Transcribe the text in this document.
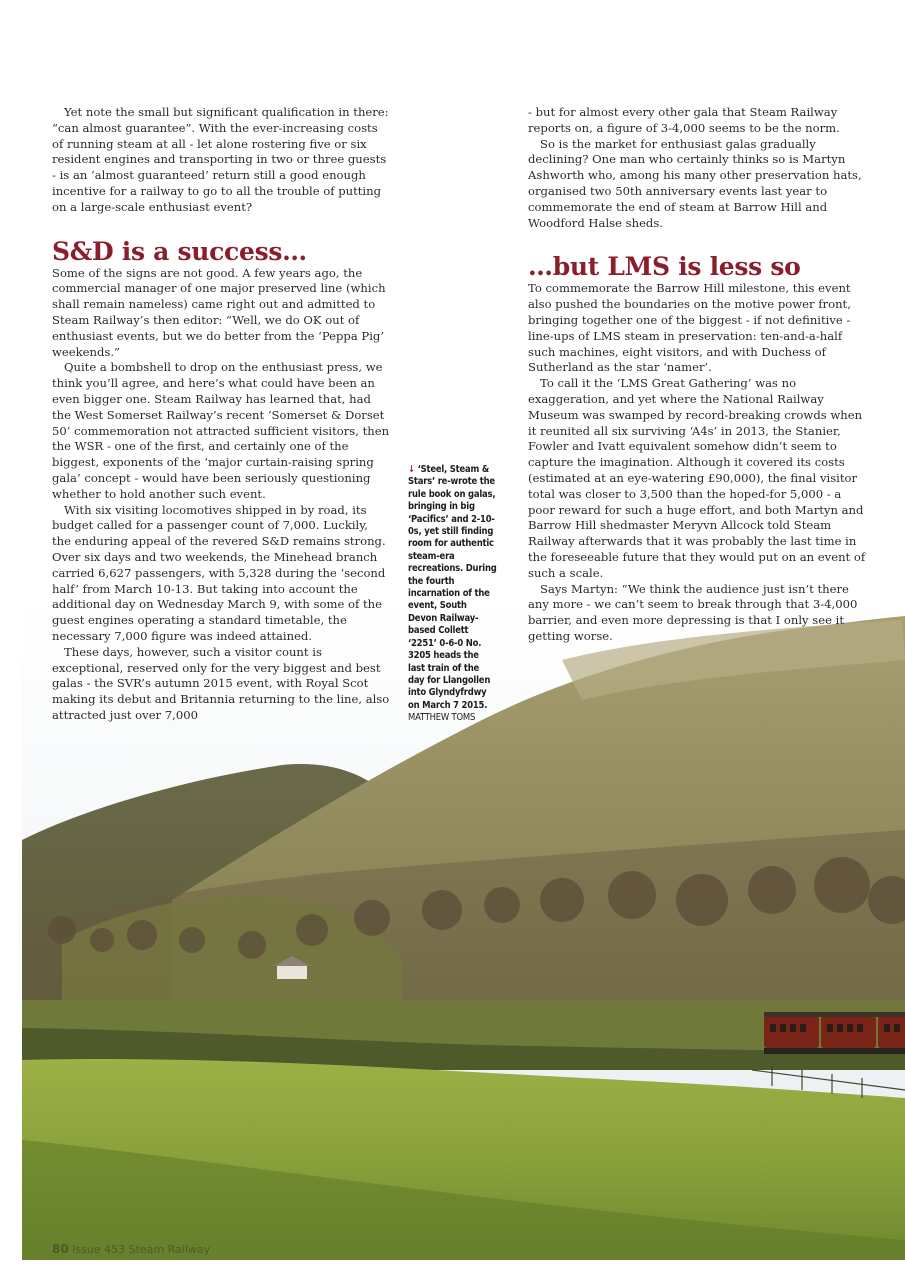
Yet note the small but significant qualification in there: “can almost guarantee”. With the ever-increasing costs of running steam at all - let alone rostering five or six resident engines and transporting in two or three guests - is an ‘almost guaranteed’ return still a good enough incentive for a railway to go to all the trouble of putting on a large-scale enthusiast event?

S&D is a success…

Some of the signs are not good. A few years ago, the commercial manager of one major preserved line (which shall remain nameless) came right out and admitted to Steam Railway’s then editor: “Well, we do OK out of enthusiast events, but we do better from the ‘Peppa Pig’ weekends.”

Quite a bombshell to drop on the enthusiast press, we think you’ll agree, and here’s what could have been an even bigger one. Steam Railway has learned that, had the West Somerset Railway’s recent ‘Somerset & Dorset 50’ commemoration not attracted sufficient visitors, then the WSR - one of the first, and certainly one of the biggest, exponents of the ‘major curtain-raising spring gala’ concept - would have been seriously questioning whether to hold another such event.

With six visiting locomotives shipped in by road, its budget called for a passenger count of 7,000. Luckily, the enduring appeal of the revered S&D remains strong. Over six days and two weekends, the Minehead branch carried 6,627 passengers, with 5,328 during the ‘second half’ from March 10-13. But taking into account the additional day on Wednesday March 9, with some of the guest engines operating a standard timetable, the necessary 7,000 figure was indeed attained.

These days, however, such a visitor count is exceptional, reserved only for the very biggest and best galas - the SVR’s autumn 2015 event, with Royal Scot making its debut and Britannia returning to the line, also attracted just over 7,000

- but for almost every other gala that Steam Railway reports on, a figure of 3-4,000 seems to be the norm.

So is the market for enthusiast galas gradually declining? One man who certainly thinks so is Martyn Ashworth who, among his many other preservation hats, organised two 50th anniversary events last year to commemorate the end of steam at Barrow Hill and Woodford Halse sheds.

…but LMS is less so

To commemorate the Barrow Hill milestone, this event also pushed the boundaries on the motive power front, bringing together one of the biggest - if not definitive - line-ups of LMS steam in preservation: ten-and-a-half such machines, eight visitors, and with Duchess of Sutherland as the star ‘namer’.

To call it the ‘LMS Great Gathering’ was no exaggeration, and yet where the National Railway Museum was swamped by record-breaking crowds when it reunited all six surviving ‘A4s’ in 2013, the Stanier, Fowler and Ivatt equivalent somehow didn’t seem to capture the imagination. Although it covered its costs (estimated at an eye-watering £90,000), the final visitor total was closer to 3,500 than the hoped-for 5,000 - a poor reward for such a huge effort, and both Martyn and Barrow Hill shedmaster Meryvn Allcock told Steam Railway afterwards that it was probably the last time in the foreseeable future that they would put on an event of such a scale.

Says Martyn: “We think the audience just isn’t there any more - we can’t seem to break through that 3-4,000 barrier, and even more depressing is that I only see it getting worse.

↓ ‘Steel, Steam & Stars’ re-wrote the rule book on galas, bringing in big ‘Pacifics’ and 2-10-0s, yet still finding room for authentic steam-era recreations. During the fourth incarnation of the event, South Devon Railway-based Collett ‘2251’ 0-6-0 No. 3205 heads the last train of the day for Llangollen into Glyndyfrdwy on March 7 2015.
MATTHEW TOMS
80 Issue 453 Steam Railway
